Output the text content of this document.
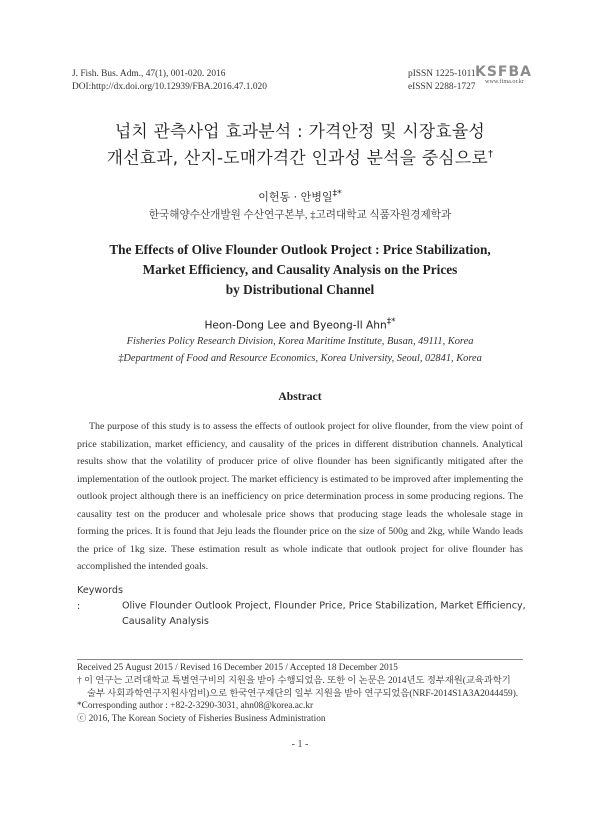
J. Fish. Bus. Adm., 47(1), 001-020. 2016
DOI:http://dx.doi.org/10.12939/FBA.2016.47.1.020
pISSN 1225-1011
eISSN 2288-1727
KSFBA
www.fima.or.kr
넙치 관측사업 효과분석 : 가격안정 및 시장효율성
개선효과, 산지-도매가격간 인과성 분석을 중심으로†
이헌동 · 안병일‡*
한국해양수산개발원 수산연구본부, ‡고려대학교 식품자원경제학과
The Effects of Olive Flounder Outlook Project : Price Stabilization,
Market Efficiency, and Causality Analysis on the Prices
by Distributional Channel
Heon-Dong Lee and Byeong-Il Ahn‡*
Fisheries Policy Research Division, Korea Maritime Institute, Busan, 49111, Korea
‡Department of Food and Resource Economics, Korea University, Seoul, 02841, Korea
Abstract

The purpose of this study is to assess the effects of outlook project for olive flounder, from the view point of price stabilization, market efficiency, and causality of the prices in different distribution channels. Analytical results show that the volatility of producer price of olive flounder has been significantly mitigated after the implementation of the outlook project. The market efficiency is estimated to be improved after implementing the outlook project although there is an inefficiency on price determination process in some producing regions. The causality test on the producer and wholesale price shows that producing stage leads the wholesale stage in forming the prices. It is found that Jeju leads the flounder price on the size of 500g and 2kg, while Wando leads the price of 1kg size. These estimation result as whole indicate that outlook project for olive flounder has accomplished the intended goals.

Keywords :	Olive Flounder Outlook Project, Flounder Price, Price Stabilization, Market Efficiency,
Causality Analysis
Received 25 August 2015 / Revised 16 December 2015 / Accepted 18 December 2015
† 이 연구는 고려대학교 특별연구비의 지원을 받아 수행되었음. 또한 이 논문은 2014년도 정부재원(교육과학기
술부 사회과학연구지원사업비)으로 한국연구재단의 일부 지원을 받아 연구되었음(NRF-2014S1A3A2044459).
*Corresponding author : +82-2-3290-3031, ahn08@korea.ac.kr
ⓒ 2016, The Korean Society of Fisheries Business Administration
- 1 -
